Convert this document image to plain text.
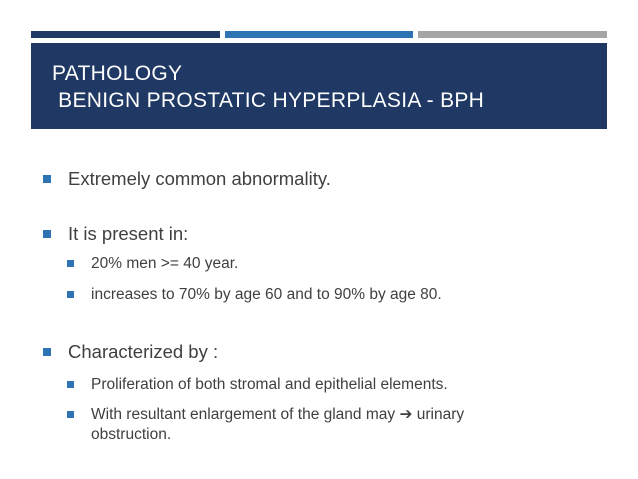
PATHOLOGY
BENIGN PROSTATIC HYPERPLASIA - BPH
Extremely common abnormality.
It is present in:
20% men >= 40 year.
increases to 70% by age 60 and to 90% by age 80.
Characterized by :
Proliferation of both stromal and epithelial elements.
With resultant enlargement of the gland may ➔ urinary
obstruction.
